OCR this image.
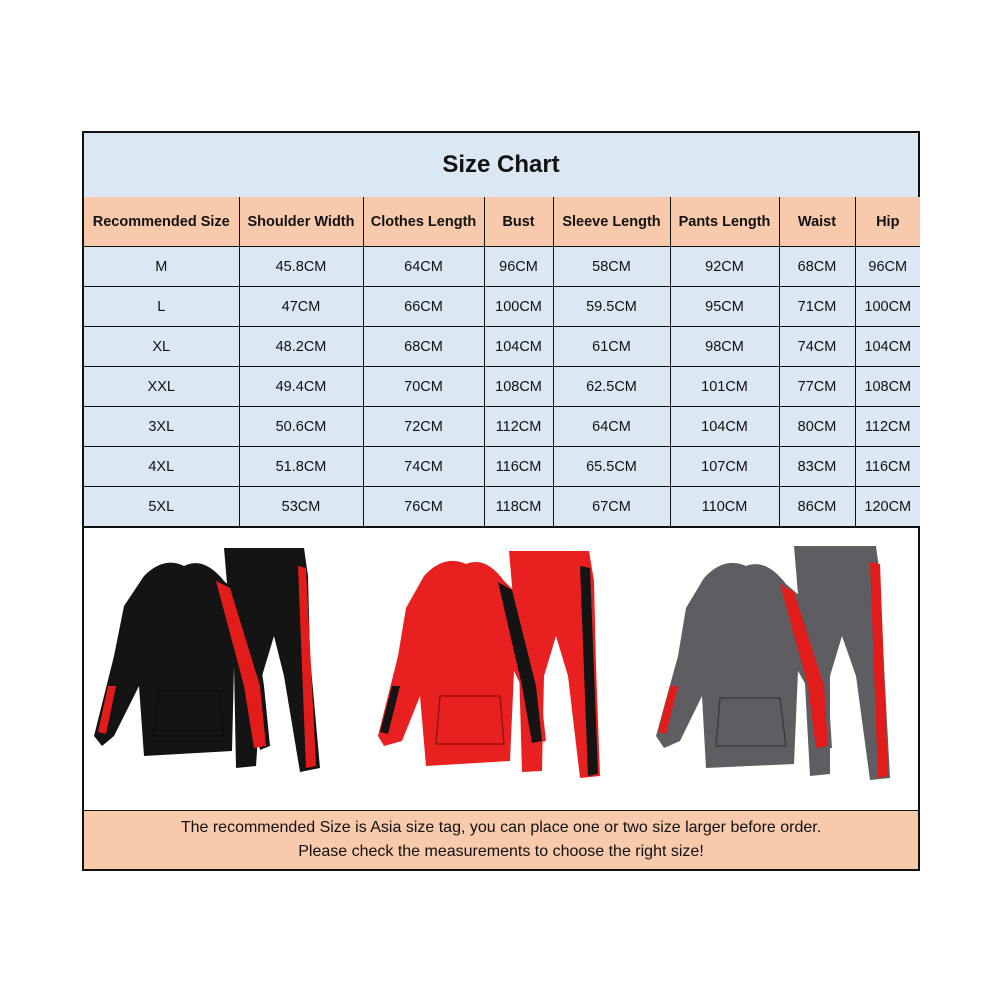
Size Chart
Recommended Size	Shoulder Width	Clothes Length	Bust	Sleeve Length	Pants Length	Waist	Hip
M	45.8CM	64CM	96CM	58CM	92CM	68CM	96CM
L	47CM	66CM	100CM	59.5CM	95CM	71CM	100CM
XL	48.2CM	68CM	104CM	61CM	98CM	74CM	104CM
XXL	49.4CM	70CM	108CM	62.5CM	101CM	77CM	108CM
3XL	50.6CM	72CM	112CM	64CM	104CM	80CM	112CM
4XL	51.8CM	74CM	116CM	65.5CM	107CM	83CM	116CM
5XL	53CM	76CM	118CM	67CM	110CM	86CM	120CM
The recommended Size is Asia size tag, you can place one or two size larger before order.
Please check the measurements to choose the right size!
